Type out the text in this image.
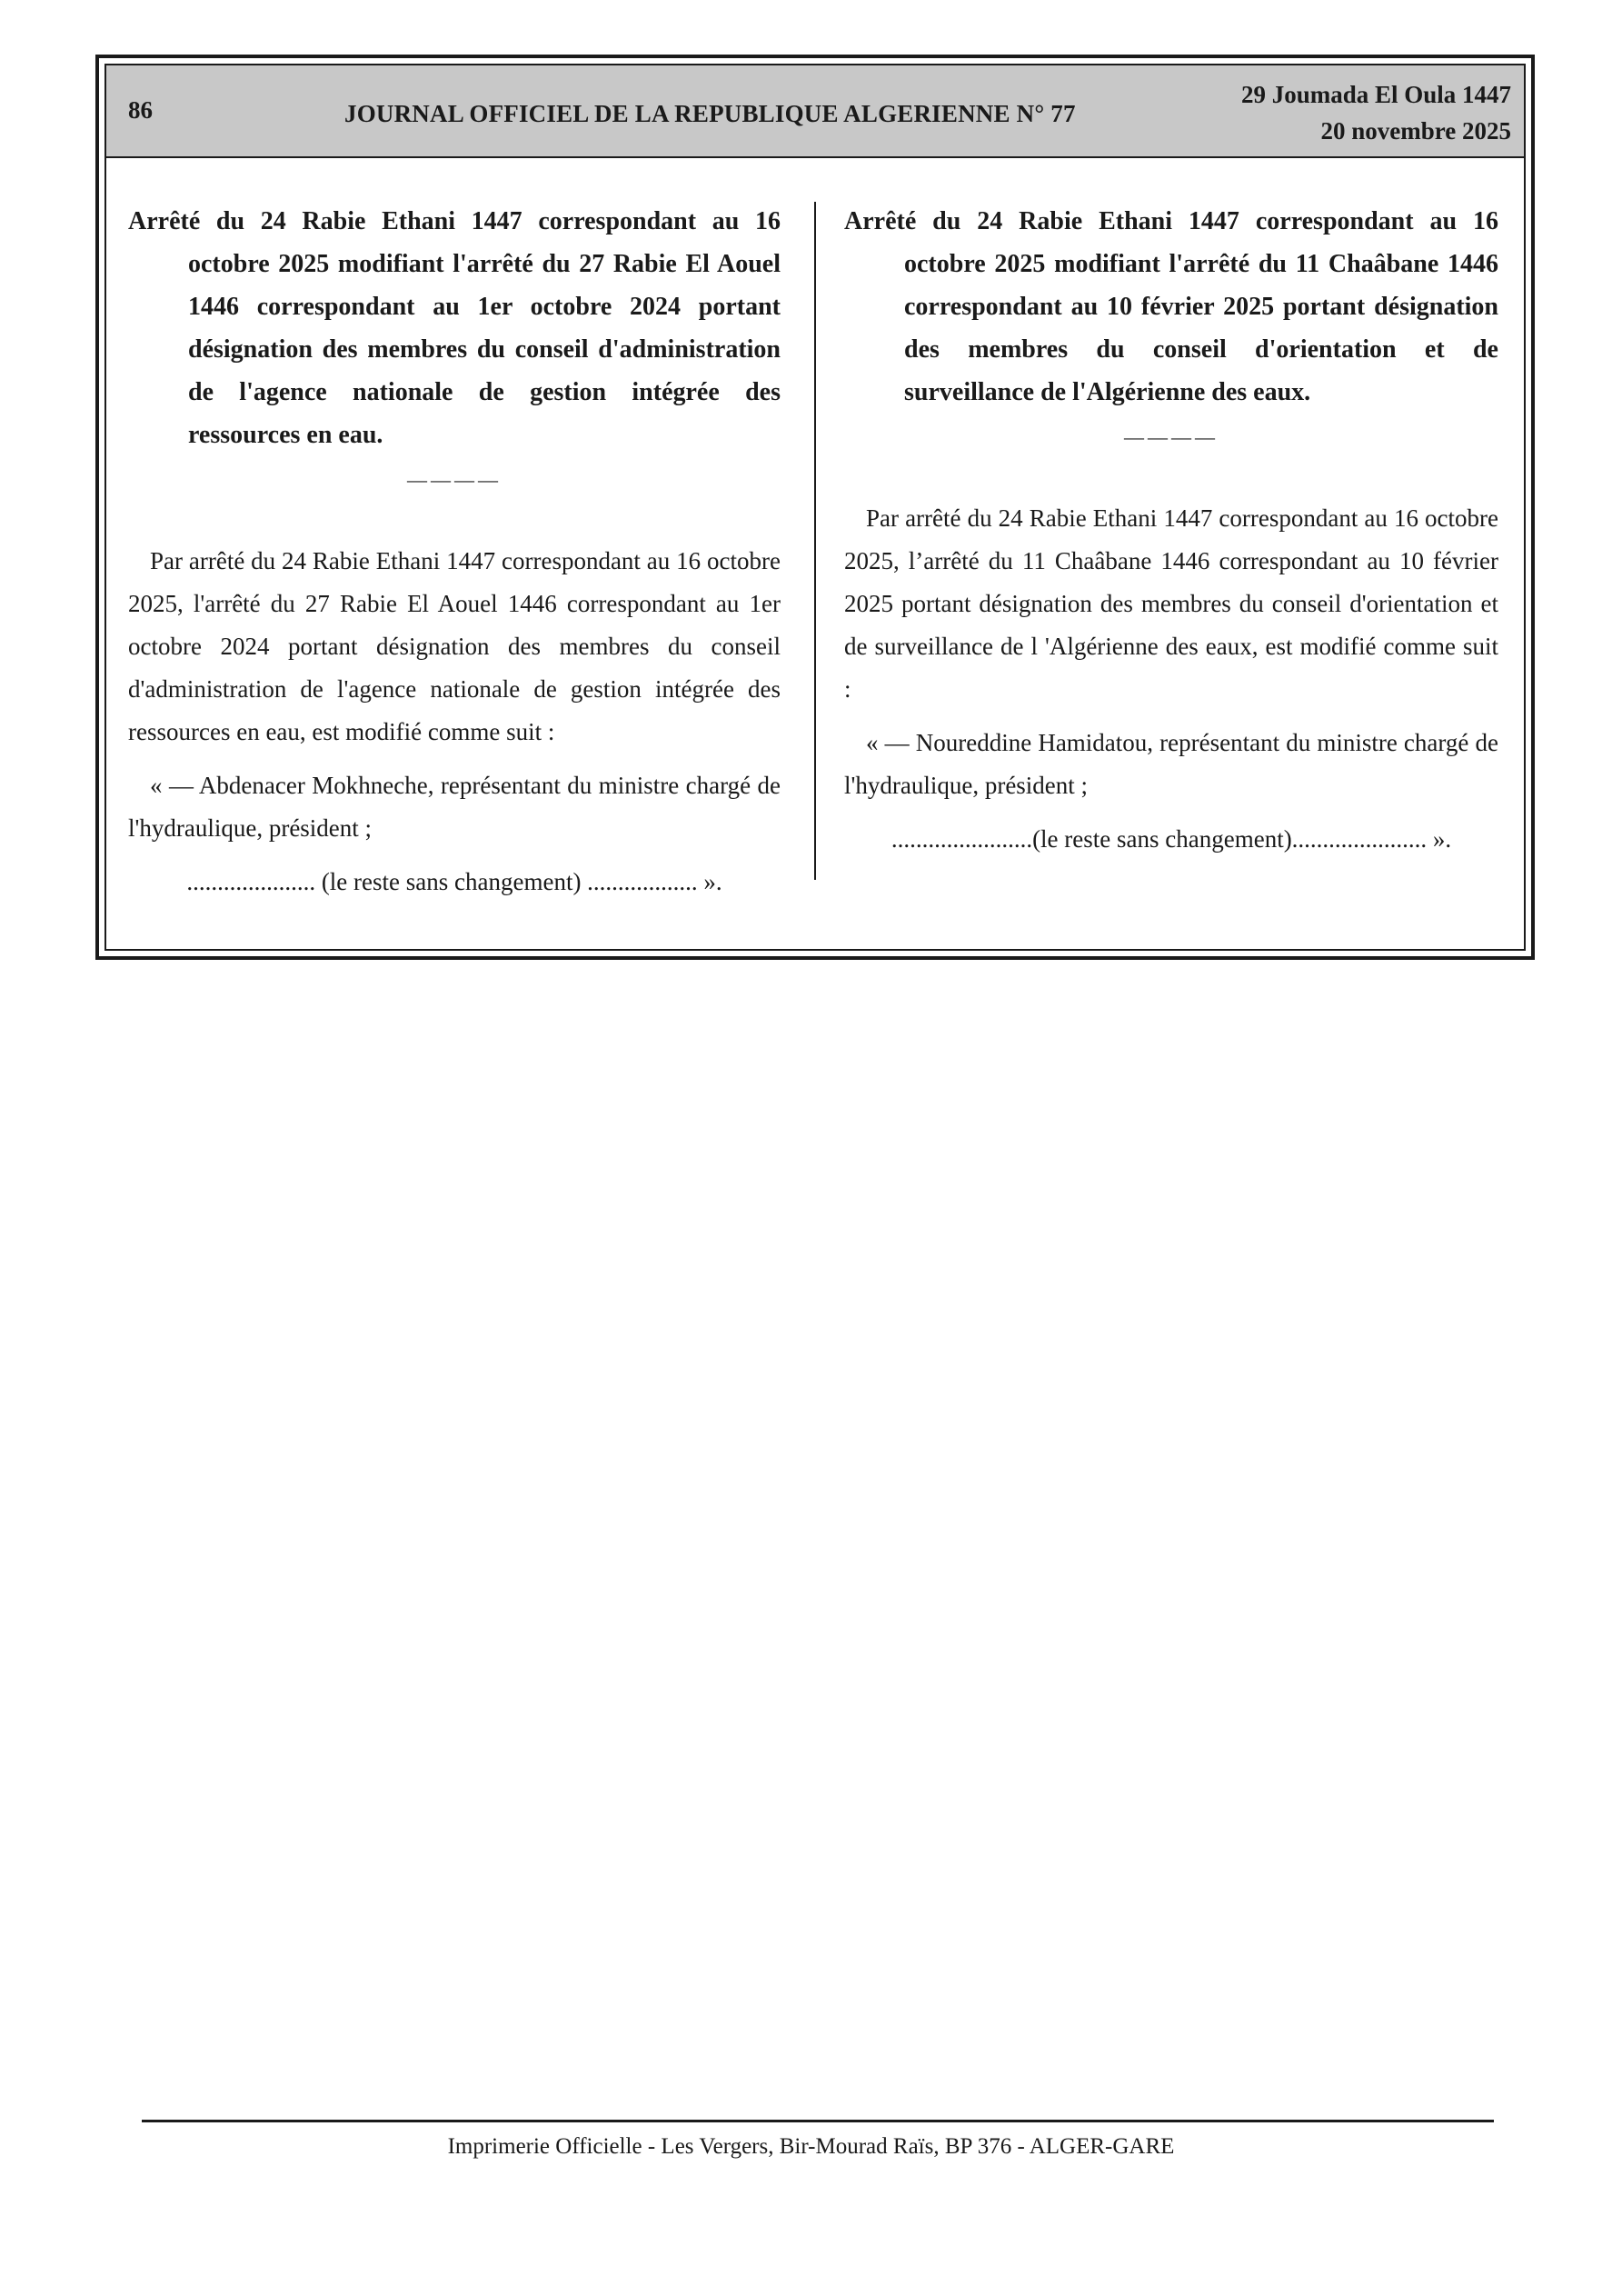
86	JOURNAL OFFICIEL DE LA REPUBLIQUE ALGERIENNE N° 77
29 Joumada El Oula 1447
20 novembre 2025

Arrêté du 24 Rabie Ethani 1447 correspondant au 16 octobre 2025 modifiant l'arrêté du 27 Rabie El Aouel 1446 correspondant au 1er octobre 2024 portant désignation des membres du conseil d'administration de l'agence nationale de gestion intégrée des ressources en eau.

————

Par arrêté du 24 Rabie Ethani 1447 correspondant au 16 octobre 2025, l'arrêté du 27 Rabie El Aouel 1446 correspondant au 1er octobre 2024 portant désignation des membres du conseil d'administration de l'agence nationale de gestion intégrée des ressources en eau, est modifié comme suit :

« — Abdenacer Mokhneche, représentant du ministre chargé de l'hydraulique, président ;

..................... (le reste sans changement) .................. ».

Arrêté du 24 Rabie Ethani 1447 correspondant au 16 octobre 2025 modifiant l'arrêté du 11 Chaâbane 1446 correspondant au 10 février 2025 portant désignation des membres du conseil d'orientation et de surveillance de l'Algérienne des eaux.

————

Par arrêté du 24 Rabie Ethani 1447 correspondant au 16 octobre 2025, l’arrêté du 11 Chaâbane 1446 correspondant au 10 février 2025 portant désignation des membres du conseil d'orientation et de surveillance de l 'Algérienne des eaux, est modifié comme suit :

« — Noureddine Hamidatou, représentant du ministre chargé de l'hydraulique, président ;

.......................(le reste sans changement)...................... ».

Imprimerie Officielle - Les Vergers, Bir-Mourad Raïs, BP 376 - ALGER-GARE
